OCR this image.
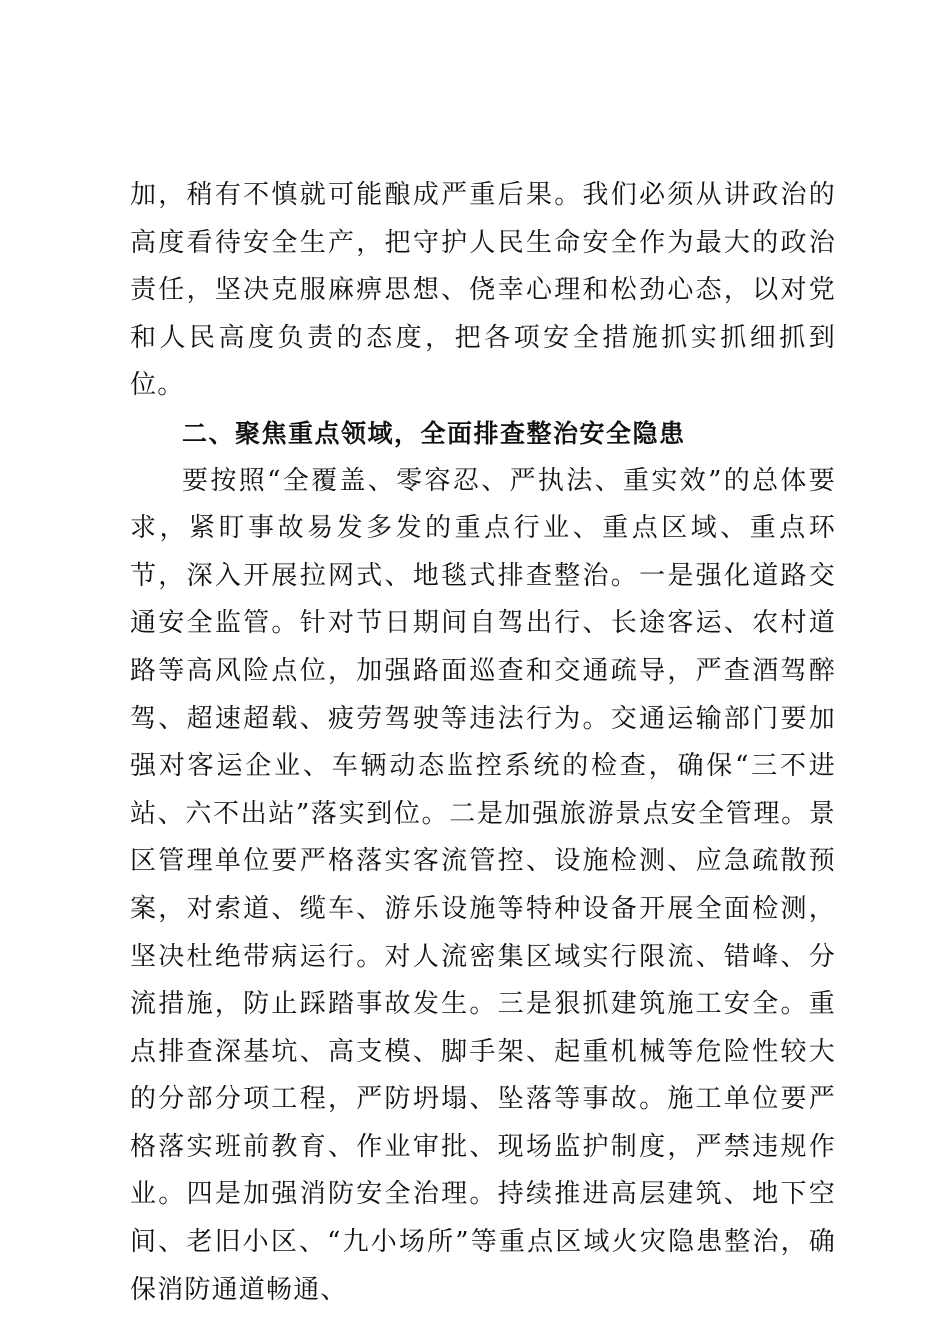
加，稍有不慎就可能酿成严重后果。我们必须从讲政治的高度看待安全生产，把守护人民生命安全作为最大的政治责任，坚决克服麻痹思想、侥幸心理和松劲心态，以对党和人民高度负责的态度，把各项安全措施抓实抓细抓到位。

二、聚焦重点领域，全面排查整治安全隐患

要按照“全覆盖、零容忍、严执法、重实效”的总体要求，紧盯事故易发多发的重点行业、重点区域、重点环节，深入开展拉网式、地毯式排查整治。一是强化道路交通安全监管。针对节日期间自驾出行、长途客运、农村道路等高风险点位，加强路面巡查和交通疏导，严查酒驾醉驾、超速超载、疲劳驾驶等违法行为。交通运输部门要加强对客运企业、车辆动态监控系统的检查，确保“三不进站、六不出站”落实到位。二是加强旅游景点安全管理。景区管理单位要严格落实客流管控、设施检测、应急疏散预案，对索道、缆车、游乐设施等特种设备开展全面检测，坚决杜绝带病运行。对人流密集区域实行限流、错峰、分流措施，防止踩踏事故发生。三是狠抓建筑施工安全。重点排查深基坑、高支模、脚手架、起重机械等危险性较大的分部分项工程，严防坍塌、坠落等事故。施工单位要严格落实班前教育、作业审批、现场监护制度，严禁违规作业。四是加强消防安全治理。持续推进高层建筑、地下空间、老旧小区、“九小场所”等重点区域火灾隐患整治，确保消防通道畅通、
